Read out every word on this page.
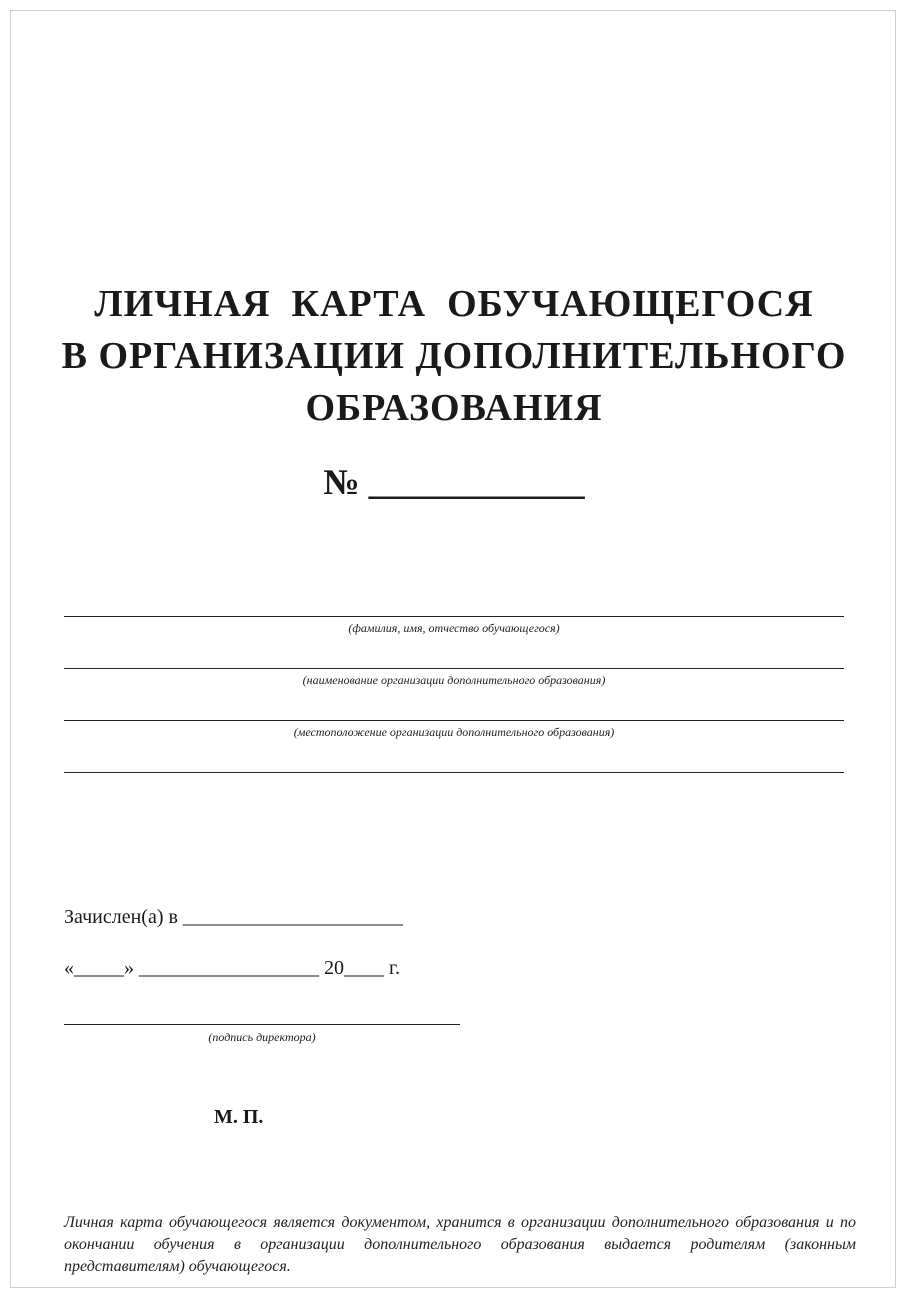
ЛИЧНАЯ  КАРТА  ОБУЧАЮЩЕГОСЯ
В ОРГАНИЗАЦИИ ДОПОЛНИТЕЛЬНОГО
ОБРАЗОВАНИЯ
№ ____________
(фамилия, имя, отчество обучающегося)
(наименование организации дополнительного образования)
(местоположение организации дополнительного образования)
Зачислен(а) в ______________________
«_____» __________________ 20____ г.
(подпись директора)
М. П.

Личная карта обучающегося является документом, хранится в организации дополнительного образования и по окончании обучения в организации дополнительного образования выдается родителям (законным представителям) обучающегося.
